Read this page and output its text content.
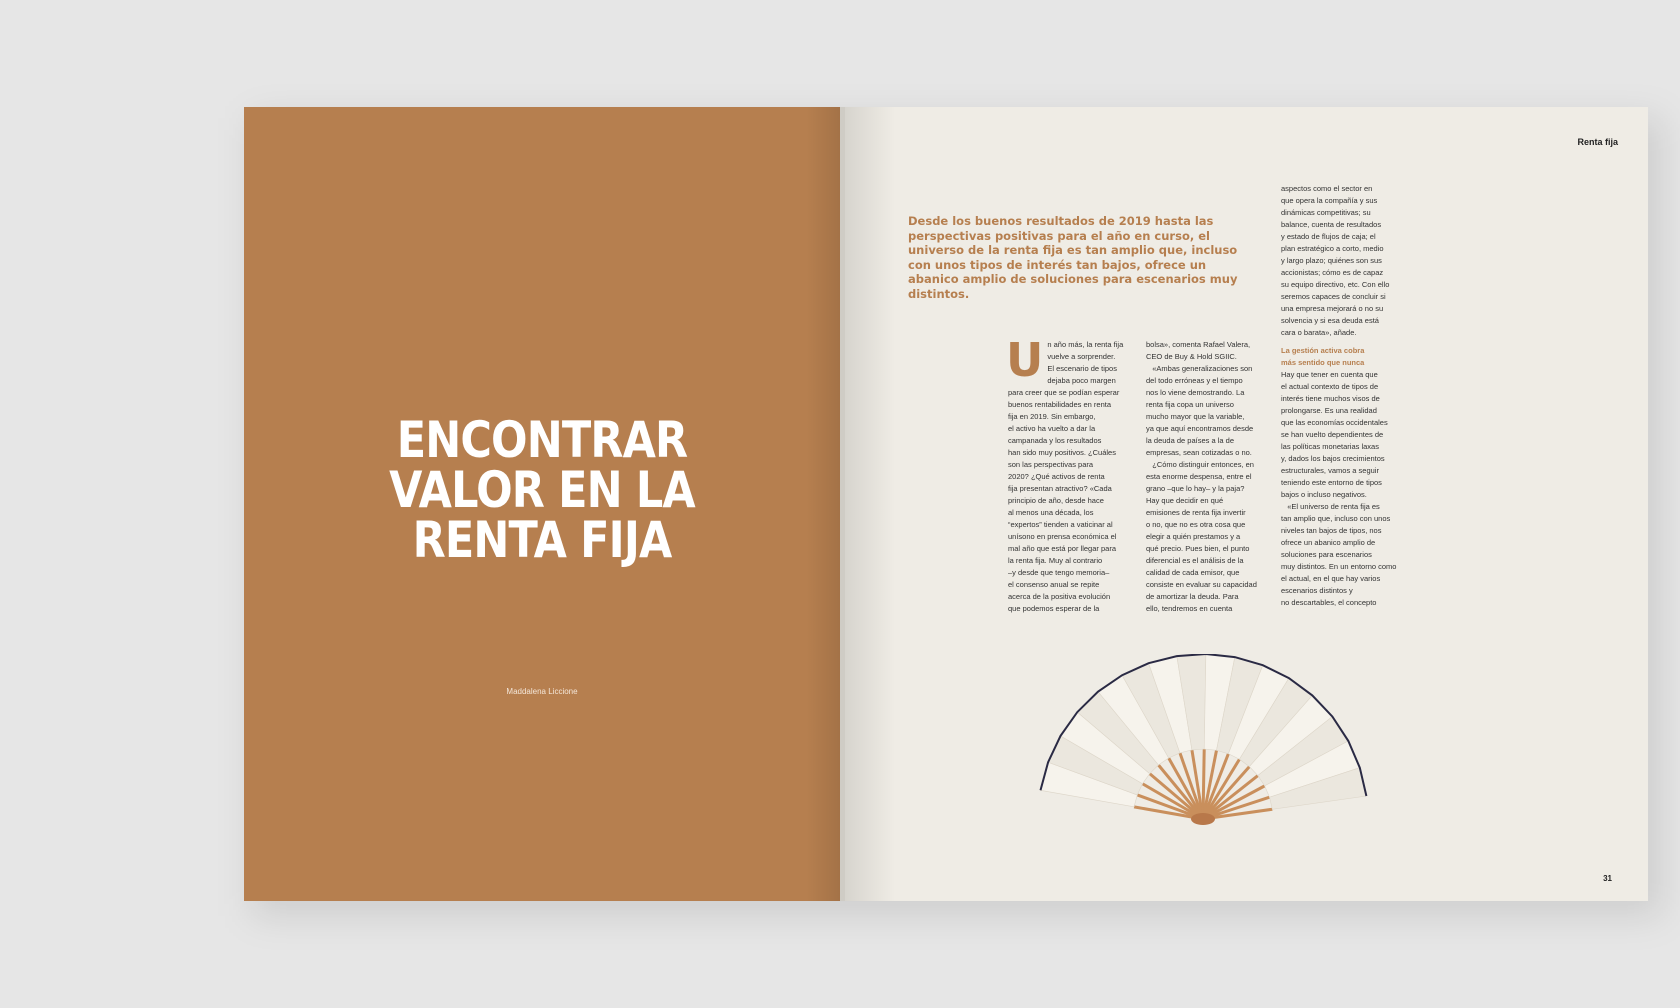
ENCONTRAR
VALOR EN LA
RENTA FIJA
Maddalena Liccione
Renta fija
Desde los buenos resultados de 2019 hasta las perspectivas positivas para el año en curso, el universo de la renta fija es tan amplio que, incluso con unos tipos de interés tan bajos, ofrece un abanico amplio de soluciones para escenarios muy distintos.
U n año más, la renta fija

vuelve a sorprender.

El escenario de tipos

dejaba poco margen

para creer que se podían esperar

buenos rentabilidades en renta

fija en 2019. Sin embargo,

el activo ha vuelto a dar la

campanada y los resultados

han sido muy positivos. ¿Cuáles

son las perspectivas para

2020? ¿Qué activos de renta

fija presentan atractivo? «Cada

principio de año, desde hace

al menos una década, los

“expertos” tienden a vaticinar al

unísono en prensa económica el

mal año que está por llegar para

la renta fija. Muy al contrario

–y desde que tengo memoria–

el consenso anual se repite

acerca de la positiva evolución

que podemos esperar de la

bolsa», comenta Rafael Valera,

CEO de Buy & Hold SGIIC.

«Ambas generalizaciones son

del todo erróneas y el tiempo

nos lo viene demostrando. La

renta fija copa un universo

mucho mayor que la variable,

ya que aquí encontramos desde

la deuda de países a la de

empresas, sean cotizadas o no.

¿Cómo distinguir entonces, en

esta enorme despensa, entre el

grano –que lo hay– y la paja?

Hay que decidir en qué

emisiones de renta fija invertir

o no, que no es otra cosa que

elegir a quién prestamos y a

qué precio. Pues bien, el punto

diferencial es el análisis de la

calidad de cada emisor, que

consiste en evaluar su capacidad

de amortizar la deuda. Para

ello, tendremos en cuenta

aspectos como el sector en

que opera la compañía y sus

dinámicas competitivas; su

balance, cuenta de resultados

y estado de flujos de caja; el

plan estratégico a corto, medio

y largo plazo; quiénes son sus

accionistas; cómo es de capaz

su equipo directivo, etc. Con ello

seremos capaces de concluir si

una empresa mejorará o no su

solvencia y si esa deuda está

cara o barata», añade.

La gestión activa cobra
más sentido que nunca

Hay que tener en cuenta que

el actual contexto de tipos de

interés tiene muchos visos de

prolongarse. Es una realidad

que las economías occidentales

se han vuelto dependientes de

las políticas monetarias laxas

y, dados los bajos crecimientos

estructurales, vamos a seguir

teniendo este entorno de tipos

bajos o incluso negativos.

«El universo de renta fija es

tan amplio que, incluso con unos

niveles tan bajos de tipos, nos

ofrece un abanico amplio de

soluciones para escenarios

muy distintos. En un entorno como

el actual, en el que hay varios

escenarios distintos y

no descartables, el concepto

31
